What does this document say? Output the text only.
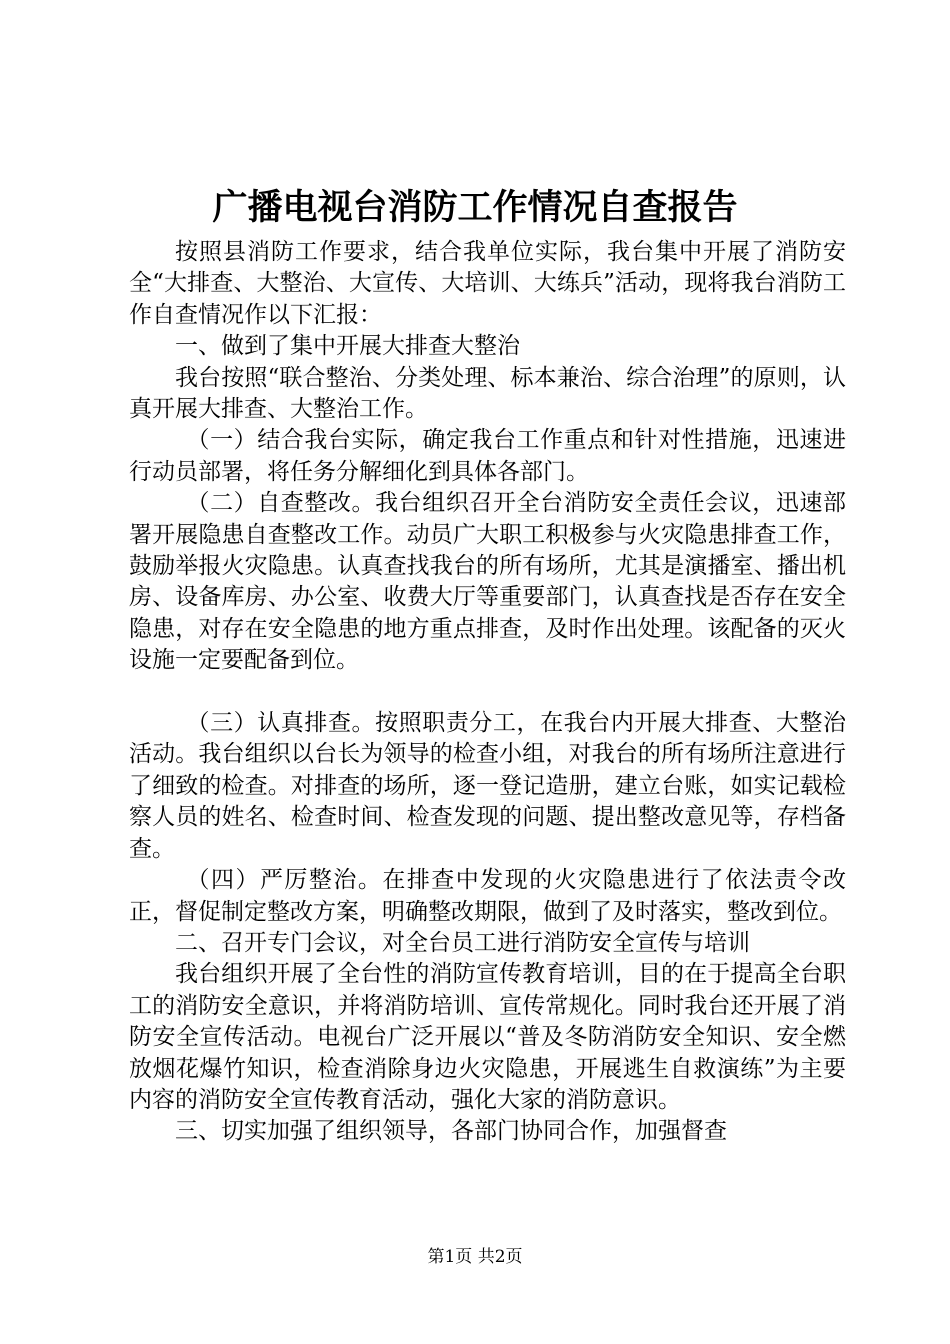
广播电视台消防工作情况自查报告

按照县消防工作要求，结合我单位实际，我台集中开展了消防安全“大排查、大整治、大宣传、大培训、大练兵”活动，现将我台消防工作自查情况作以下汇报：

一、做到了集中开展大排查大整治

我台按照“联合整治、分类处理、标本兼治、综合治理”的原则，认真开展大排查、大整治工作。

（一）结合我台实际，确定我台工作重点和针对性措施，迅速进行动员部署，将任务分解细化到具体各部门。

（二）自查整改。我台组织召开全台消防安全责任会议，迅速部署开展隐患自查整改工作。动员广大职工积极参与火灾隐患排查工作，鼓励举报火灾隐患。认真查找我台的所有场所，尤其是演播室、播出机房、设备库房、办公室、收费大厅等重要部门，认真查找是否存在安全隐患，对存在安全隐患的地方重点排查，及时作出处理。该配备的灭火设施一定要配备到位。

（三）认真排查。按照职责分工，在我台内开展大排查、大整治活动。我台组织以台长为领导的检查小组，对我台的所有场所注意进行了细致的检查。对排查的场所，逐一登记造册，建立台账，如实记载检察人员的姓名、检查时间、检查发现的问题、提出整改意见等，存档备查。

（四）严厉整治。在排查中发现的火灾隐患进行了依法责令改正，督促制定整改方案，明确整改期限，做到了及时落实，整改到位。

二、召开专门会议，对全台员工进行消防安全宣传与培训

我台组织开展了全台性的消防宣传教育培训，目的在于提高全台职工的消防安全意识，并将消防培训、宣传常规化。同时我台还开展了消防安全宣传活动。电视台广泛开展以“普及冬防消防安全知识、安全燃放烟花爆竹知识，检查消除身边火灾隐患，开展逃生自救演练”为主要内容的消防安全宣传教育活动，强化大家的消防意识。

三、切实加强了组织领导，各部门协同合作，加强督查

第1页 共2页
